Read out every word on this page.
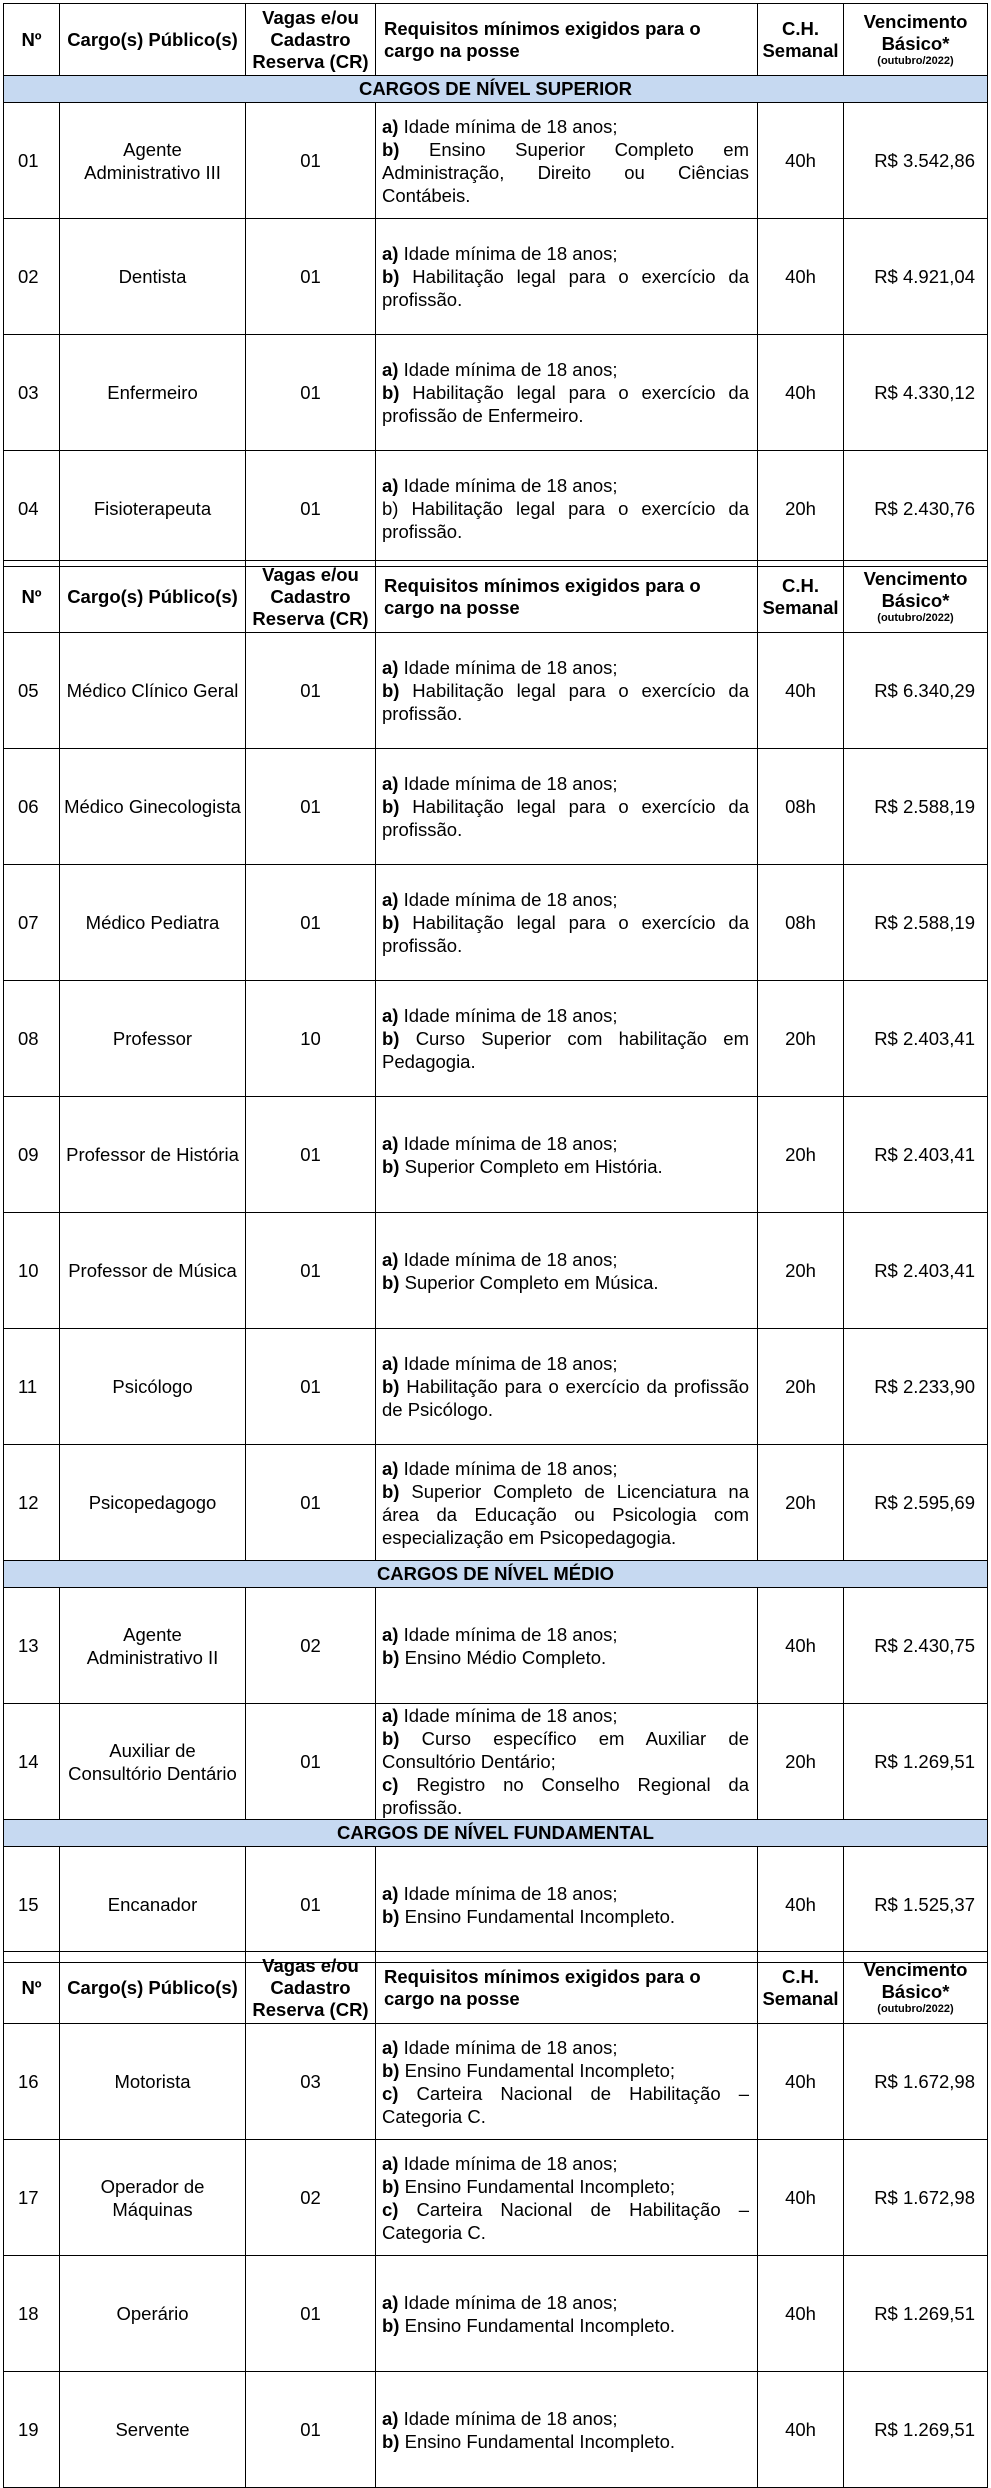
Nº	Cargo(s) Público(s)	Vagas e/ou Cadastro Reserva (CR)	Requisitos mínimos exigidos para o cargo na posse	C.H. Semanal	Vencimento Básico*
(outubro/2022)

CARGOS DE NÍVEL SUPERIOR					
01	Agente Administrativo III	01	a) Idade mínima de 18 anos;
b) Ensino Superior Completo em Administração, Direito ou Ciências Contábeis.	40h	R$ 3.542,86
02	Dentista	01	a) Idade mínima de 18 anos;
b) Habilitação legal para o exercício da profissão.	40h	R$ 4.921,04
03	Enfermeiro	01	a) Idade mínima de 18 anos;
b) Habilitação legal para o exercício da profissão de Enfermeiro.	40h	R$ 4.330,12
04	Fisioterapeuta	01	a) Idade mínima de 18 anos;
b) Habilitação legal para o exercício da profissão.	20h	R$ 2.430,76
Nº	Cargo(s) Público(s)	Vagas e/ou Cadastro Reserva (CR)	Requisitos mínimos exigidos para o cargo na posse	C.H. Semanal	Vencimento Básico*
(outubro/2022)

05	Médico Clínico Geral	01	a) Idade mínima de 18 anos;
b) Habilitação legal para o exercício da profissão.	40h	R$ 6.340,29
06	Médico Ginecologista	01	a) Idade mínima de 18 anos;
b) Habilitação legal para o exercício da profissão.	08h	R$ 2.588,19
07	Médico Pediatra	01	a) Idade mínima de 18 anos;
b) Habilitação legal para o exercício da profissão.	08h	R$ 2.588,19
08	Professor	10	a) Idade mínima de 18 anos;
b) Curso Superior com habilitação em Pedagogia.	20h	R$ 2.403,41
09	Professor de História	01	a) Idade mínima de 18 anos;
b) Superior Completo em História.	20h	R$ 2.403,41
10	Professor de Música	01	a) Idade mínima de 18 anos;
b) Superior Completo em Música.	20h	R$ 2.403,41
11	Psicólogo	01	a) Idade mínima de 18 anos;
b) Habilitação para o exercício da profissão de Psicólogo.	20h	R$ 2.233,90
12	Psicopedagogo	01	a) Idade mínima de 18 anos;
b) Superior Completo de Licenciatura na área da Educação ou Psicologia com especialização em Psicopedagogia.	20h	R$ 2.595,69
CARGOS DE NÍVEL MÉDIO					
13	Agente Administrativo II	02	a) Idade mínima de 18 anos;
b) Ensino Médio Completo.	40h	R$ 2.430,75
14	Auxiliar de Consultório Dentário	01	a) Idade mínima de 18 anos;
b) Curso específico em Auxiliar de Consultório Dentário;
c) Registro no Conselho Regional da profissão.	20h	R$ 1.269,51
CARGOS DE NÍVEL FUNDAMENTAL					
15	Encanador	01	a) Idade mínima de 18 anos;
b) Ensino Fundamental Incompleto.	40h	R$ 1.525,37
Nº	Cargo(s) Público(s)	Vagas e/ou Cadastro Reserva (CR)	Requisitos mínimos exigidos para o cargo na posse	C.H. Semanal	Vencimento Básico*
(outubro/2022)

16	Motorista	03	a) Idade mínima de 18 anos;
b) Ensino Fundamental Incompleto;
c) Carteira Nacional de Habilitação – Categoria C.	40h	R$ 1.672,98
17	Operador de Máquinas	02	a) Idade mínima de 18 anos;
b) Ensino Fundamental Incompleto;
c) Carteira Nacional de Habilitação – Categoria C.	40h	R$ 1.672,98
18	Operário	01	a) Idade mínima de 18 anos;
b) Ensino Fundamental Incompleto.	40h	R$ 1.269,51
19	Servente	01	a) Idade mínima de 18 anos;
b) Ensino Fundamental Incompleto.	40h	R$ 1.269,51
